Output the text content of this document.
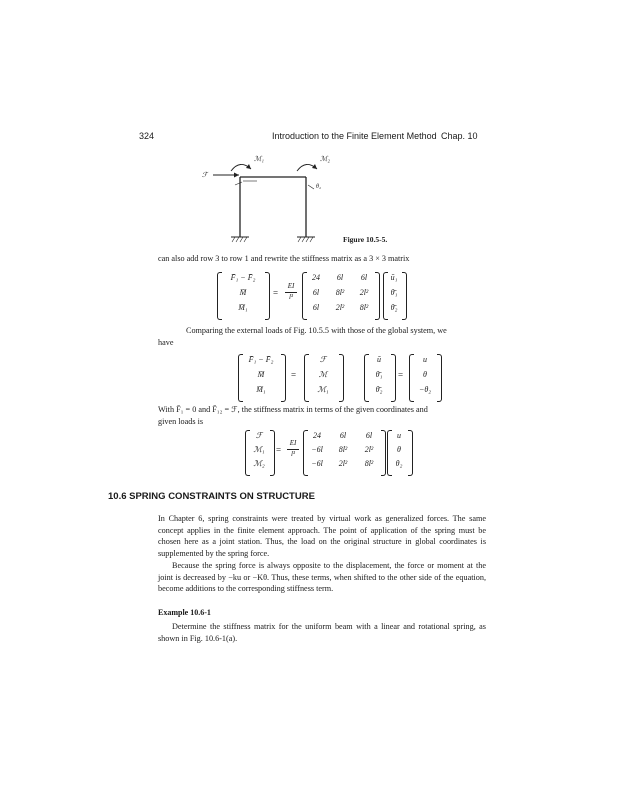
324	Introduction to the Finite Element Method Chap. 10
ℳ₁	ℳ₂
ℱ
θ₂
Figure 10.5-5.
can also add row 3 to row 1 and rewrite the stiffness matrix as a 3 × 3 matrix
F̄₁ − F̄₂
M̄
M̄₁
=
EI
l³
24	6l	6l
6l	8l²	2l²
6l	2l²	8l²
ū₁
θ̄₁
θ̄₂
Comparing the external loads of Fig. 10.5.5 with those of the global system, we
have
F̄₁ − F̄₂
M̄
M̄₁
=
ℱ
ℳ
ℳ₁
ū
θ̄₁
θ̄₂
=
u
θ
−θ₂
With F̄₁ = 0 and F̄₁₂ = ℱ, the stiffness matrix in terms of the given coordinates and
given loads is
ℱ
ℳ₁
ℳ₂
=
EI
l³
24	6l	6l
−6l	8l²	2l²
−6l	2l²	8l²
u
θ
θ₂
10.6 SPRING CONSTRAINTS ON STRUCTURE
In Chapter 6, spring constraints were treated by virtual work as generalized forces. The same concept applies in the finite element approach. The point of application of the spring must be chosen here as a joint station. Thus, the load on the original structure in global coordinates is supplemented by the spring force.
Because the spring force is always opposite to the displacement, the force or moment at the joint is decreased by −ku or −Kθ. Thus, these terms, when shifted to the other side of the equation, become additions to the corresponding stiffness term.
Example 10.6-1
Determine the stiffness matrix for the uniform beam with a linear and rotational spring, as shown in Fig. 10.6-1(a).
